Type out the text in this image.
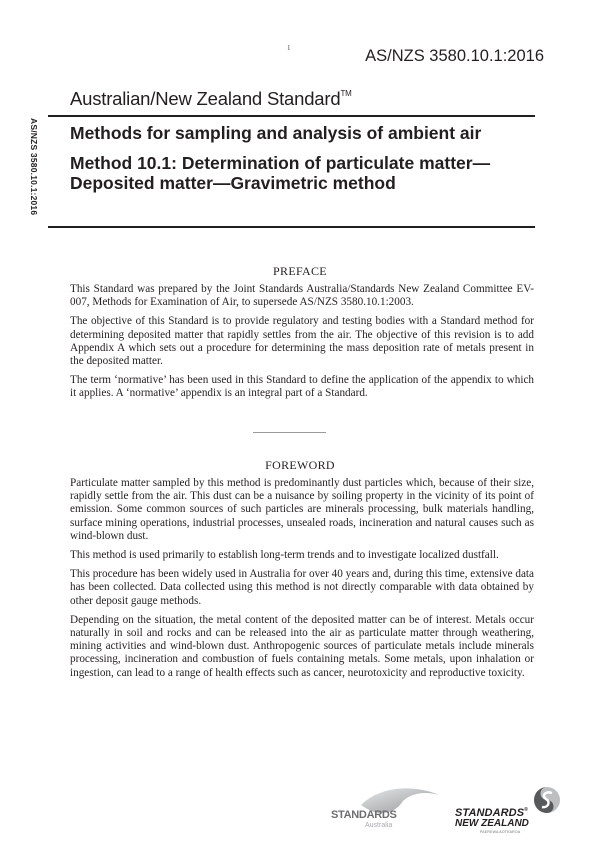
1	AS/NZS 3580.10.1:2016
Australian/New Zealand Standard™
AS/NZS 3580.10.1:2016 Methods for sampling and analysis of ambient air
Method 10.1: Determination of particulate matter—Deposited matter—Gravimetric method
PREFACE

This Standard was prepared by the Joint Standards Australia/Standards New Zealand Committee EV-007, Methods for Examination of Air, to supersede AS/NZS 3580.10.1:2003.

The objective of this Standard is to provide regulatory and testing bodies with a Standard method for determining deposited matter that rapidly settles from the air. The objective of this revision is to add Appendix A which sets out a procedure for determining the mass deposition rate of metals present in the deposited matter.

The term ‘normative’ has been used in this Standard to define the application of the appendix to which it applies. A ‘normative’ appendix is an integral part of a Standard.

FOREWORD

Particulate matter sampled by this method is predominantly dust particles which, because of their size, rapidly settle from the air. This dust can be a nuisance by soiling property in the vicinity of its point of emission. Some common sources of such particles are minerals processing, bulk materials handling, surface mining operations, industrial processes, unsealed roads, incineration and natural causes such as wind-blown dust.

This method is used primarily to establish long-term trends and to investigate localized dustfall.

This procedure has been widely used in Australia for over 40 years and, during this time, extensive data has been collected. Data collected using this method is not directly comparable with data obtained by other deposit gauge methods.

Depending on the situation, the metal content of the deposited matter can be of interest. Metals occur naturally in soil and rocks and can be released into the air as particulate matter through weathering, mining activities and wind-blown dust. Anthropogenic sources of particulate metals include minerals processing, incineration and combustion of fuels containing metals. Some metals, upon inhalation or ingestion, can lead to a range of health effects such as cancer, neurotoxicity and reproductive toxicity.

STANDARDS
Australia
STANDARDS®
NEW ZEALAND
PAEREWA AOTEAROA
